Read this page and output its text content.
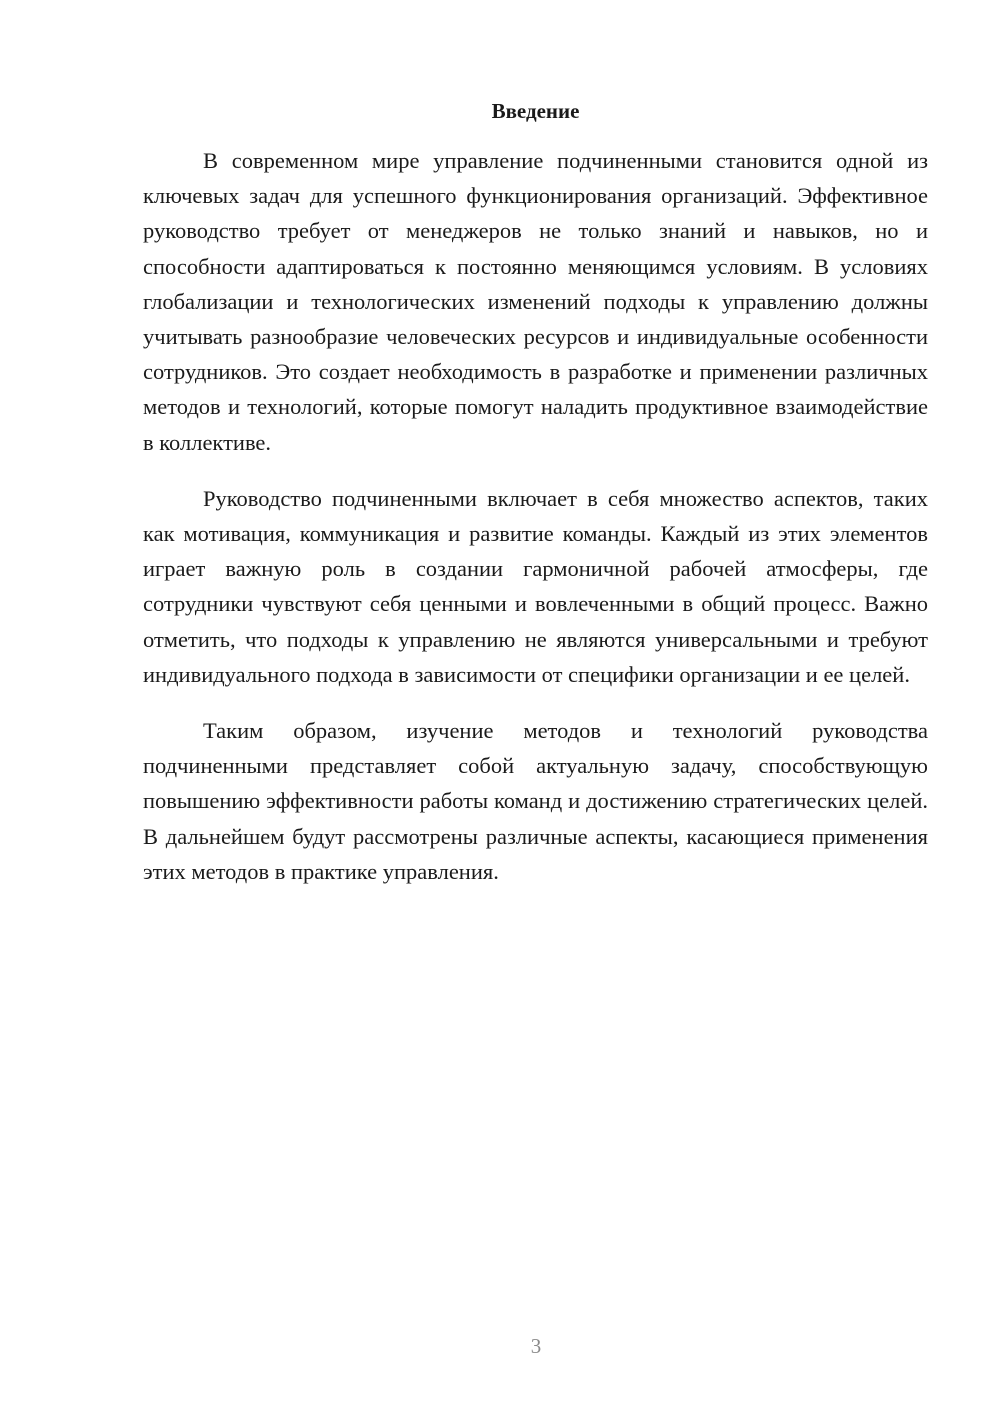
Введение

В современном мире управление подчиненными становится одной из ключевых задач для успешного функционирования организаций. Эффективное руководство требует от менеджеров не только знаний и навыков, но и способности адаптироваться к постоянно меняющимся условиям. В условиях глобализации и технологических изменений подходы к управлению должны учитывать разнообразие человеческих ресурсов и индивидуальные особенности сотрудников. Это создает необходимость в разработке и применении различных методов и технологий, которые помогут наладить продуктивное взаимодействие в коллективе.

Руководство подчиненными включает в себя множество аспектов, таких как мотивация, коммуникация и развитие команды. Каждый из этих элементов играет важную роль в создании гармоничной рабочей атмосферы, где сотрудники чувствуют себя ценными и вовлеченными в общий процесс. Важно отметить, что подходы к управлению не являются универсальными и требуют индивидуального подхода в зависимости от специфики организации и ее целей.

Таким образом, изучение методов и технологий руководства подчиненными представляет собой актуальную задачу, способствующую повышению эффективности работы команд и достижению стратегических целей. В дальнейшем будут рассмотрены различные аспекты, касающиеся применения этих методов в практике управления.

3
